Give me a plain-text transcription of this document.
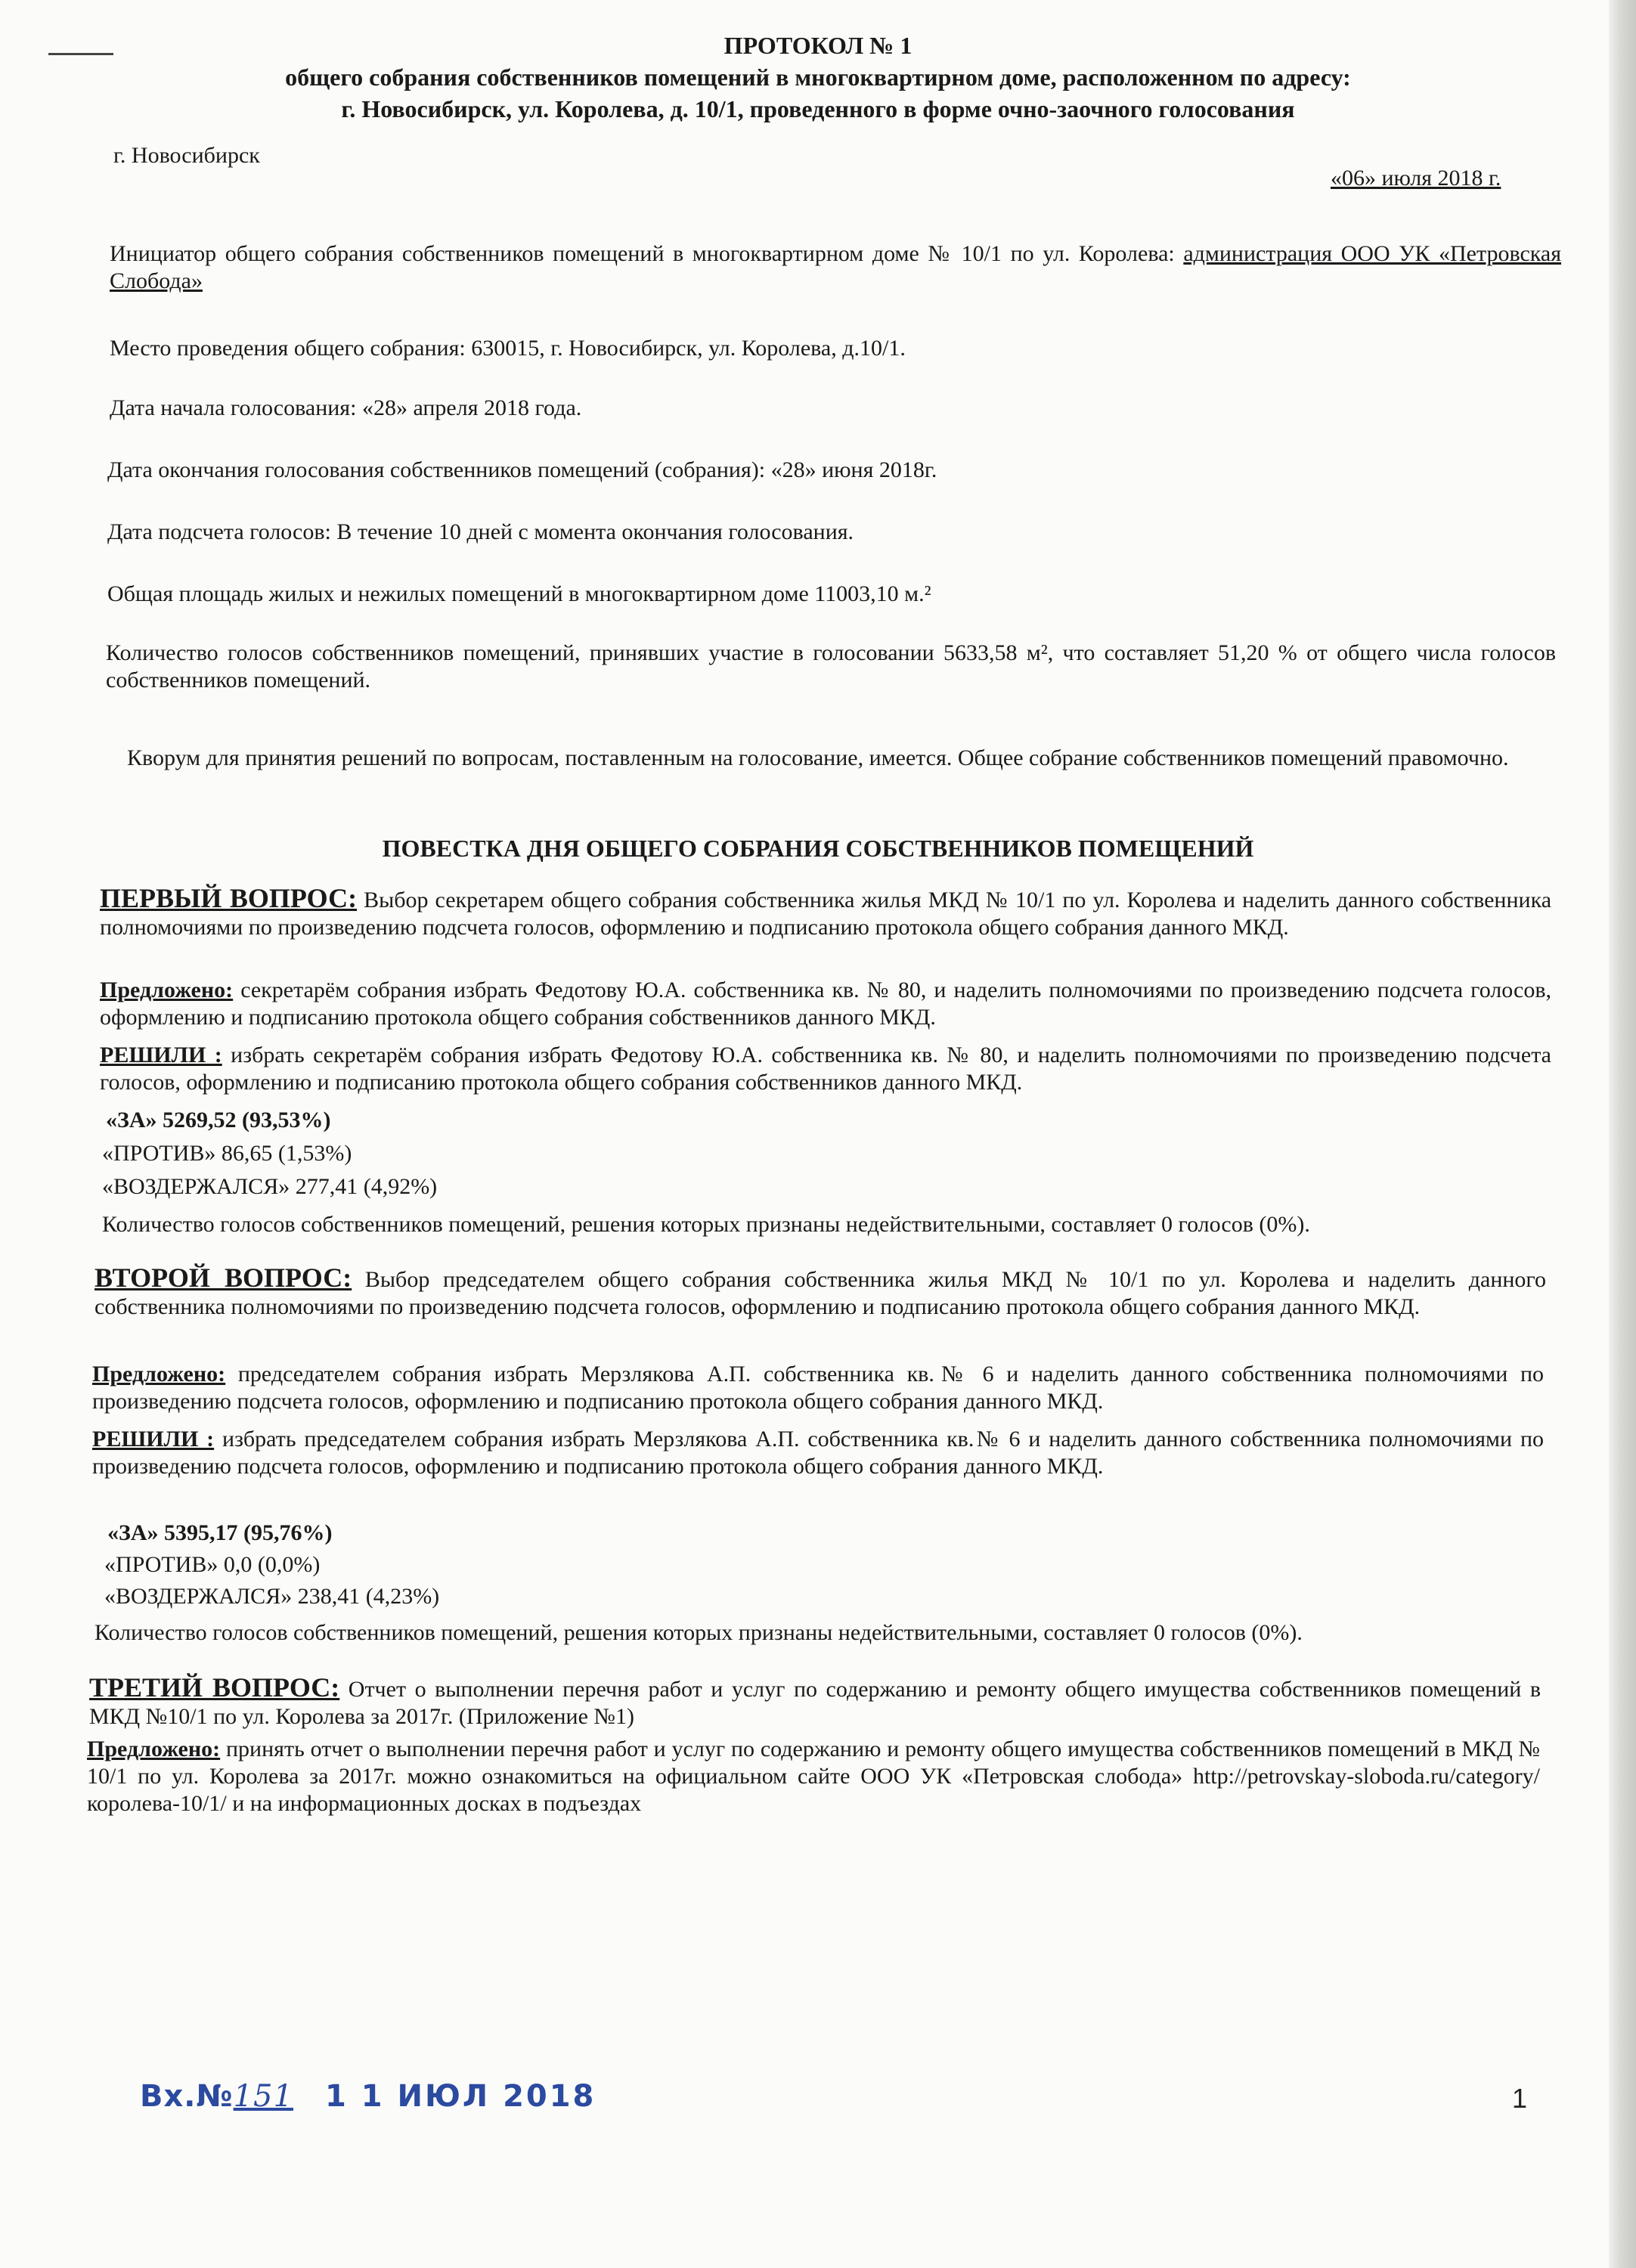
ПРОТОКОЛ № 1
общего собрания собственников помещений в многоквартирном доме, расположенном по адресу:
г. Новосибирск, ул. Королева, д. 10/1, проведенного в форме очно-заочного голосования
г. Новосибирск
«06» июля 2018 г.
Инициатор общего собрания собственников помещений в многоквартирном доме № 10/1 по ул. Королева: администрация ООО УК «Петровская Слобода»
Место проведения общего собрания: 630015, г. Новосибирск, ул. Королева, д.10/1.
Дата начала голосования: «28» апреля 2018 года.
Дата окончания голосования собственников помещений (собрания): «28» июня 2018г.
Дата подсчета голосов: В течение 10 дней с момента окончания голосования.
Общая площадь жилых и нежилых помещений в многоквартирном доме 11003,10 м.²
Количество голосов собственников помещений, принявших участие в голосовании 5633,58 м², что составляет 51,20 % от общего числа голосов собственников помещений.
Кворум для принятия решений по вопросам, поставленным на голосование, имеется. Общее собрание собственников помещений правомочно.
ПОВЕСТКА ДНЯ ОБЩЕГО СОБРАНИЯ СОБСТВЕННИКОВ ПОМЕЩЕНИЙ
ПЕРВЫЙ ВОПРОС: Выбор секретарем общего собрания собственника жилья МКД № 10/1 по ул. Королева и наделить данного собственника полномочиями по произведению подсчета голосов, оформлению и подписанию протокола общего собрания данного МКД.
Предложено: секретарём собрания избрать Федотову Ю.А. собственника кв. № 80, и наделить полномочиями по произведению подсчета голосов, оформлению и подписанию протокола общего собрания собственников данного МКД.
РЕШИЛИ : избрать секретарём собрания избрать Федотову Ю.А. собственника кв. № 80, и наделить полномочиями по произведению подсчета голосов, оформлению и подписанию протокола общего собрания собственников данного МКД.
«ЗА» 5269,52 (93,53%)
«ПРОТИВ» 86,65 (1,53%)
«ВОЗДЕРЖАЛСЯ» 277,41 (4,92%)
Количество голосов собственников помещений, решения которых признаны недействительными, составляет 0 голосов (0%).
ВТОРОЙ ВОПРОС: Выбор председателем общего собрания собственника жилья МКД № 10/1 по ул. Королева и наделить данного собственника полномочиями по произведению подсчета голосов, оформлению и подписанию протокола общего собрания данного МКД.
Предложено: председателем собрания избрать Мерзлякова А.П. собственника кв.№ 6 и наделить данного собственника полномочиями по произведению подсчета голосов, оформлению и подписанию протокола общего собрания данного МКД.
РЕШИЛИ : избрать председателем собрания избрать Мерзлякова А.П. собственника кв.№ 6 и наделить данного собственника полномочиями по произведению подсчета голосов, оформлению и подписанию протокола общего собрания данного МКД.
«ЗА» 5395,17 (95,76%)
«ПРОТИВ» 0,0 (0,0%)
«ВОЗДЕРЖАЛСЯ» 238,41 (4,23%)
Количество голосов собственников помещений, решения которых признаны недействительными, составляет 0 голосов (0%).
ТРЕТИЙ ВОПРОС: Отчет о выполнении перечня работ и услуг по содержанию и ремонту общего имущества собственников помещений в МКД №10/1 по ул. Королева за 2017г. (Приложение №1)
Предложено: принять отчет о выполнении перечня работ и услуг по содержанию и ремонту общего имущества собственников помещений в МКД № 10/1 по ул. Королева за 2017г. можно ознакомиться на официальном сайте ООО УК «Петровская слобода» http://petrovskay-sloboda.ru/category/королева-10/1/ и на информационных досках в подъездах
Вх.№151 1 1 ИЮЛ 2018	1
